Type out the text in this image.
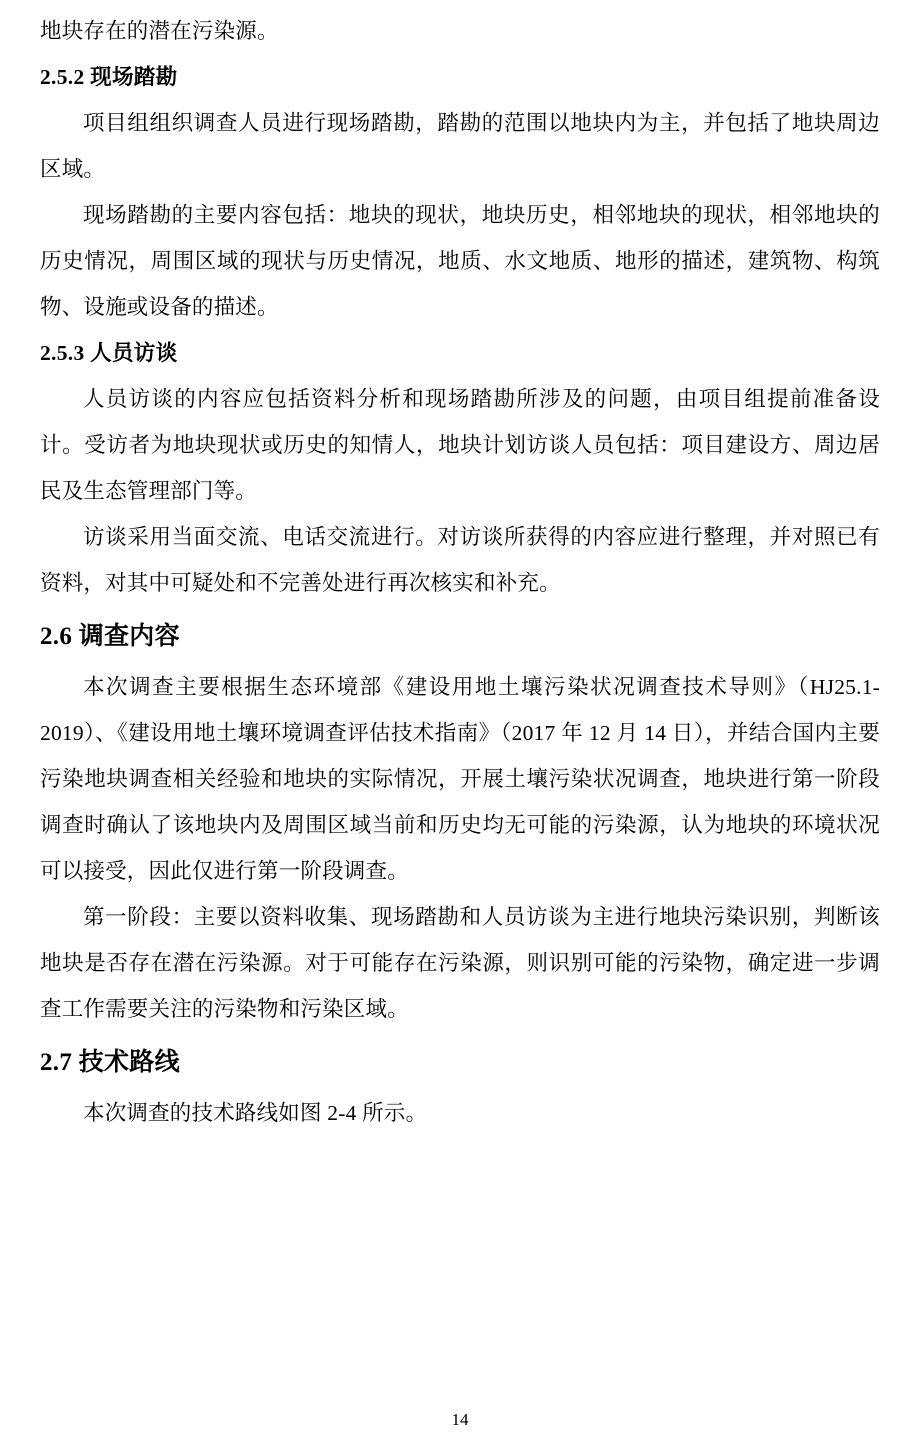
地块存在的潜在污染源。

2.5.2 现场踏勘

项目组组织调查人员进行现场踏勘，踏勘的范围以地块内为主，并包括了地块周边区域。

现场踏勘的主要内容包括：地块的现状，地块历史，相邻地块的现状，相邻地块的历史情况，周围区域的现状与历史情况，地质、水文地质、地形的描述，建筑物、构筑物、设施或设备的描述。

2.5.3 人员访谈

人员访谈的内容应包括资料分析和现场踏勘所涉及的问题，由项目组提前准备设计。受访者为地块现状或历史的知情人，地块计划访谈人员包括：项目建设方、周边居民及生态管理部门等。

访谈采用当面交流、电话交流进行。对访谈所获得的内容应进行整理，并对照已有资料，对其中可疑处和不完善处进行再次核实和补充。

2.6 调查内容

本次调查主要根据生态环境部《建设用地土壤污染状况调查技术导则》（HJ25.1-2019）、《建设用地土壤环境调查评估技术指南》（2017 年 12 月 14 日），并结合国内主要污染地块调查相关经验和地块的实际情况，开展土壤污染状况调查，地块进行第一阶段调查时确认了该地块内及周围区域当前和历史均无可能的污染源，认为地块的环境状况可以接受，因此仅进行第一阶段调查。

第一阶段：主要以资料收集、现场踏勘和人员访谈为主进行地块污染识别，判断该地块是否存在潜在污染源。对于可能存在污染源，则识别可能的污染物，确定进一步调查工作需要关注的污染物和污染区域。

2.7 技术路线

本次调查的技术路线如图 2-4 所示。

14
